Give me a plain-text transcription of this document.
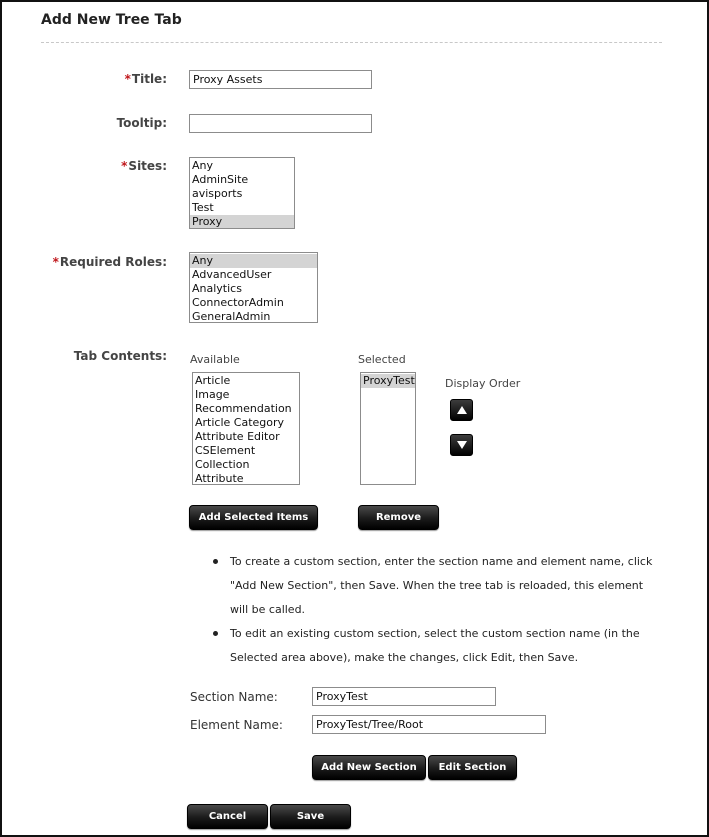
Add New Tree Tab
*Title:	Proxy Assets
Tooltip:
*Sites: Any
AdminSite
avisports
Test
Proxy
*Required Roles: Any
AdvancedUser
Analytics
ConnectorAdmin
GeneralAdmin
Tab Contents: Available	Selected
Article
Image
Recommendation
Article Category
Attribute Editor
CSElement
Collection
Attribute
ProxyTest	Display Order
Add Selected Items	Remove
To create a custom section, enter the section name and element name, click "Add New Section", then Save. When the tree tab is reloaded, this element will be called.
To edit an existing custom section, select the custom section name (in the Selected area above), make the changes, click Edit, then Save.
Section Name:	ProxyTest
Element Name:	ProxyTest/Tree/Root
Add New Section	Edit Section
Cancel	Save
